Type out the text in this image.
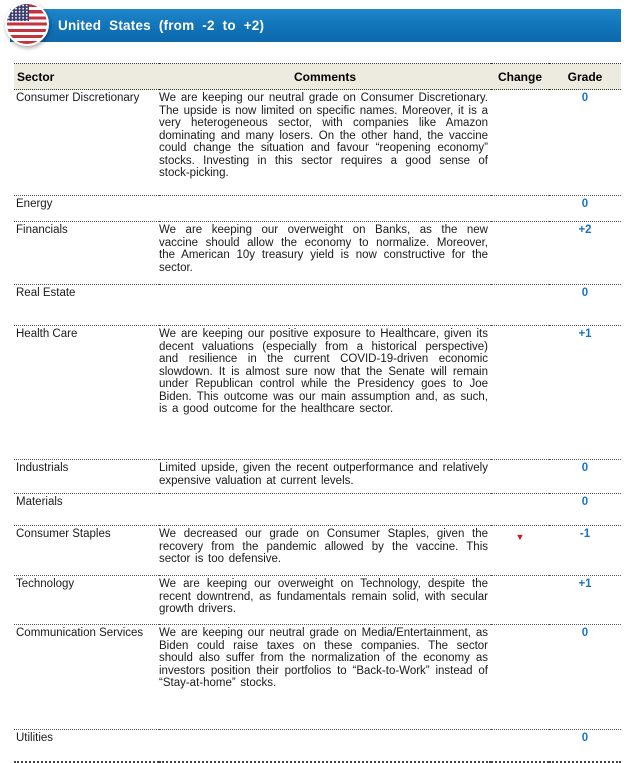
United States (from -2 to +2)
Sector	Comments	Change	Grade
Consumer Discretionary	We are keeping our neutral grade on Consumer Discretionary. The upside is now limited on specific names. Moreover, it is a very heterogeneous sector, with companies like Amazon dominating and many losers. On the other hand, the vaccine could change the situation and favour “reopening economy” stocks. Investing in this sector requires a good sense of stock-picking.		0
Energy			0
Financials	We are keeping our overweight on Banks, as the new vaccine should allow the economy to normalize. Moreover, the American 10y treasury yield is now constructive for the sector.		+2
Real Estate			0
Health Care	We are keeping our positive exposure to Healthcare, given its decent valuations (especially from a historical perspective) and resilience in the current COVID-19-driven economic slowdown. It is almost sure now that the Senate will remain under Republican control while the Presidency goes to Joe Biden. This outcome was our main assumption and, as such, is a good outcome for the healthcare sector.		+1
Industrials	Limited upside, given the recent outperformance and relatively expensive valuation at current levels.		0
Materials			0
Consumer Staples	We decreased our grade on Consumer Staples, given the recovery from the pandemic allowed by the vaccine. This sector is too defensive.	▼	-1
Technology	We are keeping our overweight on Technology, despite the recent downtrend, as fundamentals remain solid, with secular growth drivers.		+1
Communication Services	We are keeping our neutral grade on Media/Entertainment, as Biden could raise taxes on these companies. The sector should also suffer from the normalization of the economy as investors position their portfolios to “Back-to-Work” instead of “Stay-at-home” stocks.		0
Utilities			0
